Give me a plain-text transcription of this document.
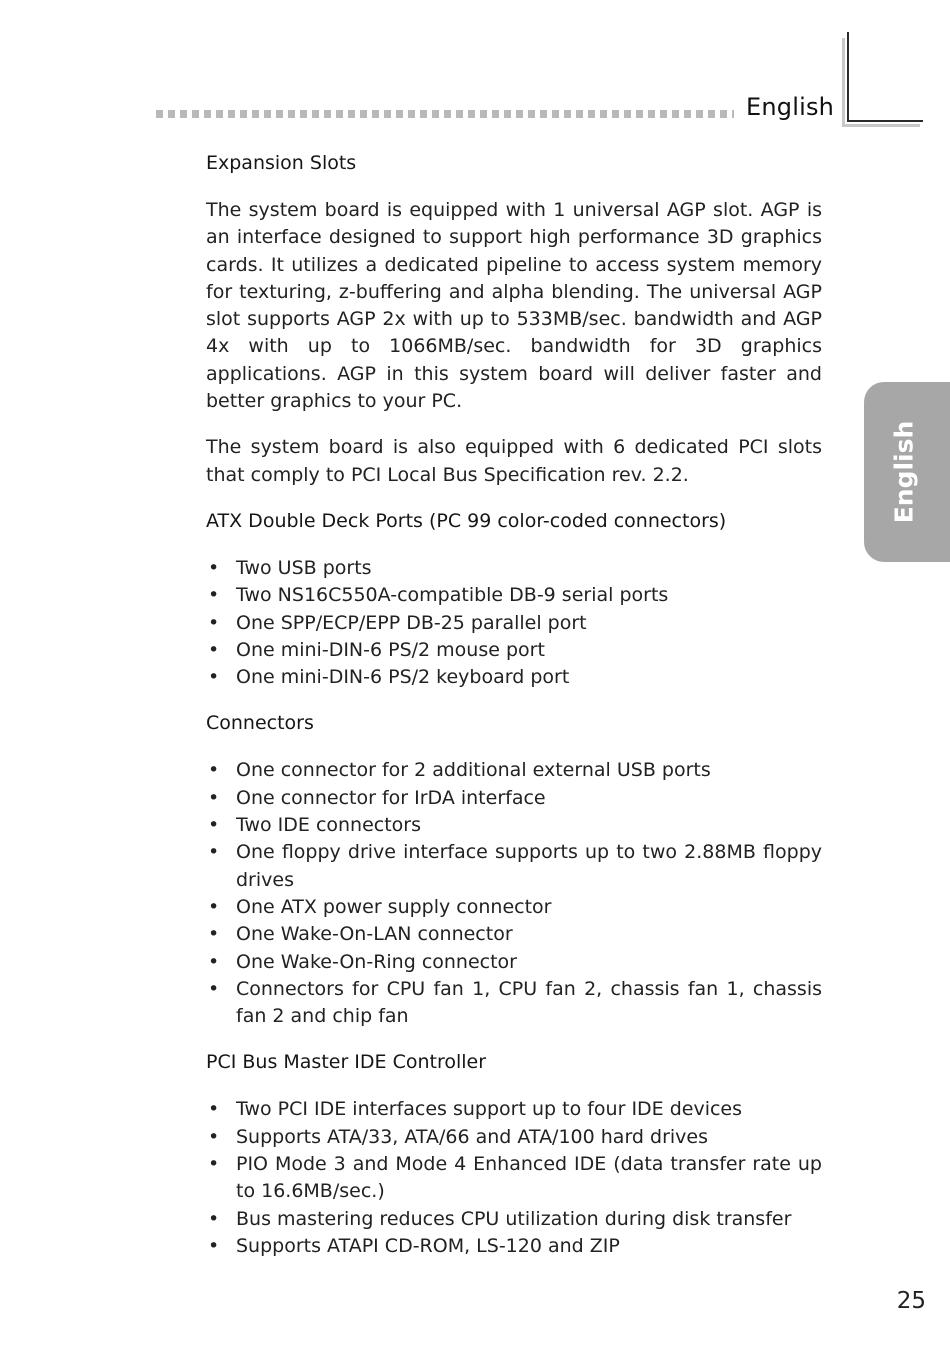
English
English
Expansion Slots

The system board is equipped with 1 universal AGP slot. AGP is an interface designed to support high performance 3D graphics cards. It utilizes a dedicated pipeline to access system memory for texturing, z-buffering and alpha blending. The universal AGP slot supports AGP 2x with up to 533MB/sec. bandwidth and AGP 4x with up to 1066MB/sec. bandwidth for 3D graphics applications. AGP in this system board will deliver faster and better graphics to your PC.

The system board is also equipped with 6 dedicated PCI slots that comply to PCI Local Bus Specification rev. 2.2.

ATX Double Deck Ports (PC 99 color-coded connectors)
• Two USB ports
• Two NS16C550A-compatible DB-9 serial ports
• One SPP/ECP/EPP DB-25 parallel port
• One mini-DIN-6 PS/2 mouse port
• One mini-DIN-6 PS/2 keyboard port
Connectors
• One connector for 2 additional external USB ports
• One connector for IrDA interface
• Two IDE connectors
• One floppy drive interface supports up to two 2.88MB floppy drives
• One ATX power supply connector
• One Wake-On-LAN connector
• One Wake-On-Ring connector
• Connectors for CPU fan 1, CPU fan 2, chassis fan 1, chassis fan 2 and chip fan
PCI Bus Master IDE Controller
• Two PCI IDE interfaces support up to four IDE devices
• Supports ATA/33, ATA/66 and ATA/100 hard drives
• PIO Mode 3 and Mode 4 Enhanced IDE (data transfer rate up to 16.6MB/sec.)
• Bus mastering reduces CPU utilization during disk transfer
• Supports ATAPI CD-ROM, LS-120 and ZIP
25
